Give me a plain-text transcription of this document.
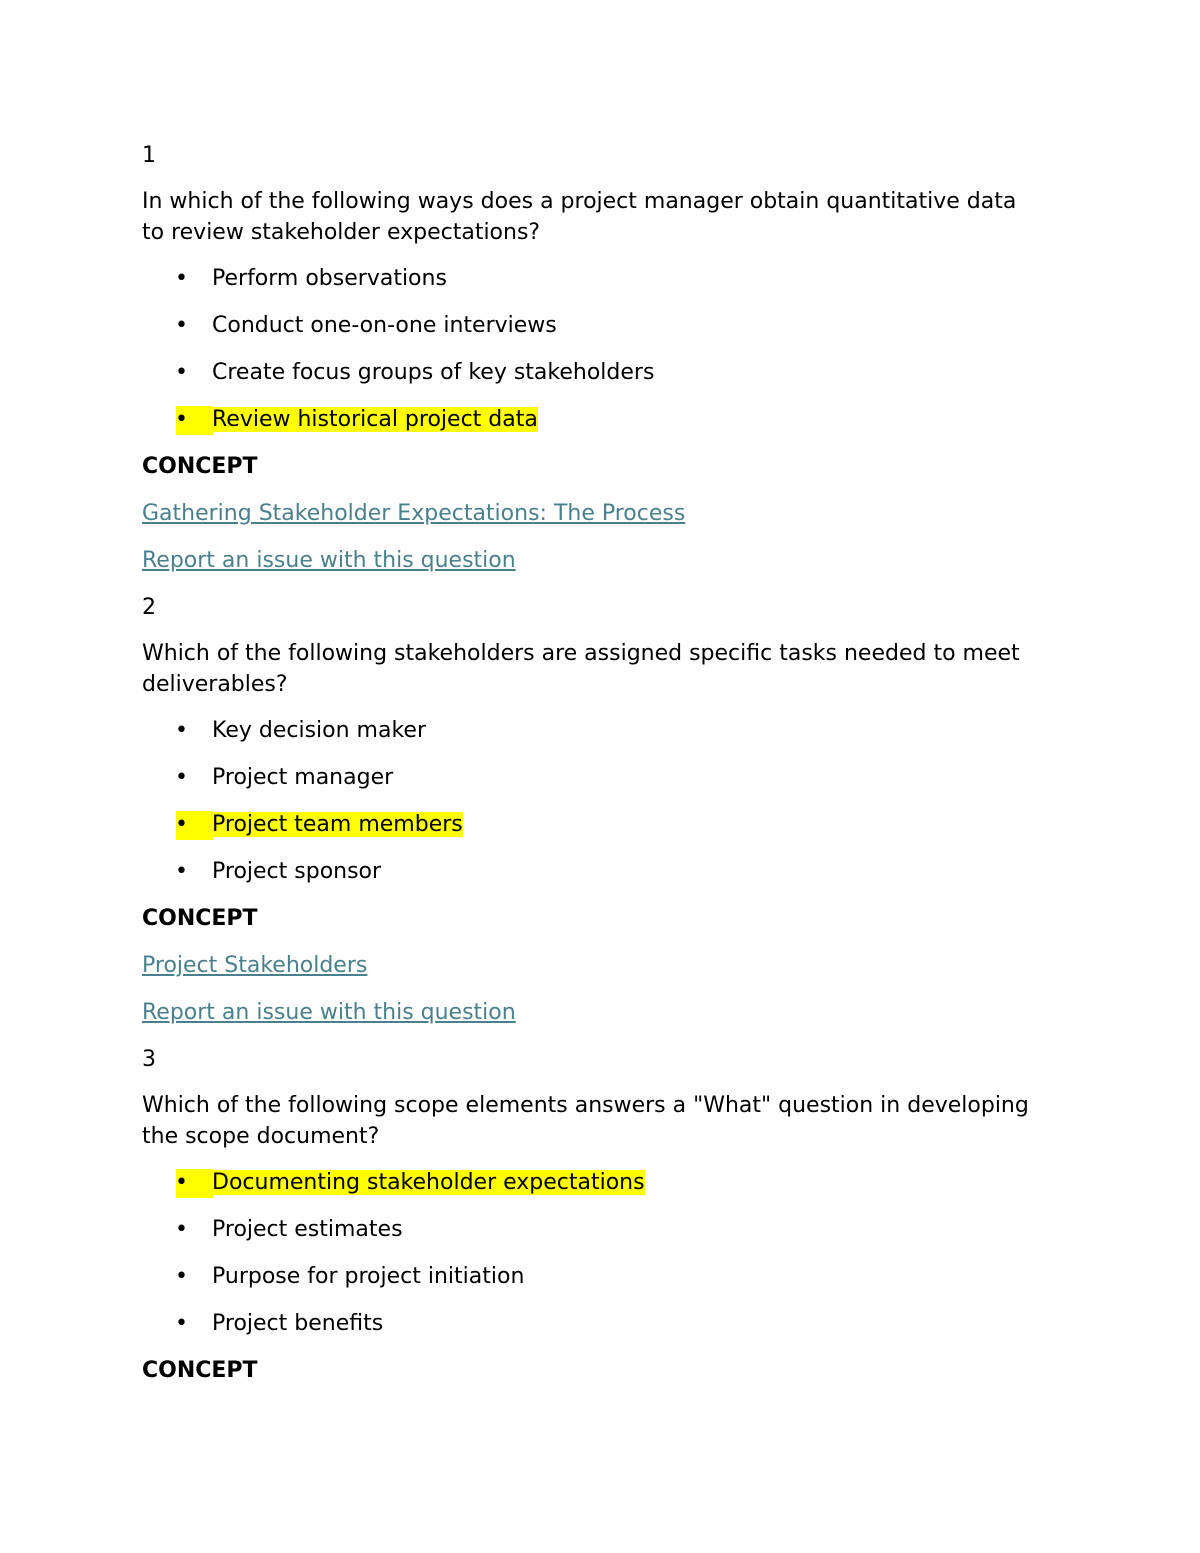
1

In which of the following ways does a project manager obtain quantitative data to review stakeholder expectations?

• Perform observations
• Conduct one-on-one interviews
• Create focus groups of key stakeholders
• Review historical project data

CONCEPT

Gathering Stakeholder Expectations: The Process
Report an issue with this question

2

Which of the following stakeholders are assigned specific tasks needed to meet deliverables?

• Key decision maker
• Project manager
• Project team members
• Project sponsor

CONCEPT

Project Stakeholders
Report an issue with this question

3

Which of the following scope elements answers a "What" question in developing the scope document?

• Documenting stakeholder expectations
• Project estimates
• Purpose for project initiation
• Project benefits

CONCEPT
